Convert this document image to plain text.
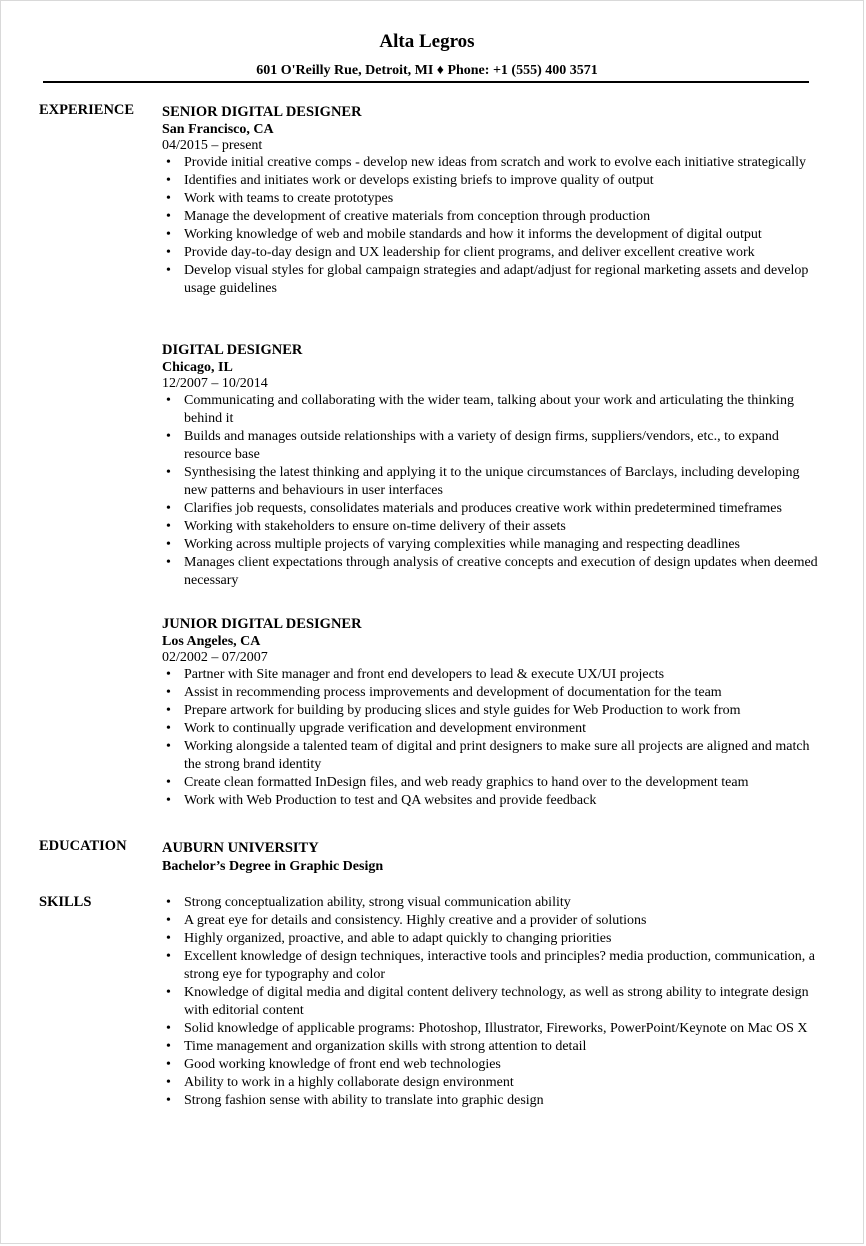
Alta Legros
601 O'Reilly Rue, Detroit, MI ♦ Phone: +1 (555) 400 3571
EXPERIENCE SENIOR DIGITAL DESIGNER
San Francisco, CA
04/2015 – present
• Provide initial creative comps - develop new ideas from scratch and work to evolve each initiative strategically
• Identifies and initiates work or develops existing briefs to improve quality of output
• Work with teams to create prototypes
• Manage the development of creative materials from conception through production
• Working knowledge of web and mobile standards and how it informs the development of digital output
• Provide day-to-day design and UX leadership for client programs, and deliver excellent creative work
• Develop visual styles for global campaign strategies and adapt/adjust for regional marketing assets and develop usage guidelines
DIGITAL DESIGNER
Chicago, IL
12/2007 – 10/2014
• Communicating and collaborating with the wider team, talking about your work and articulating the thinking behind it
• Builds and manages outside relationships with a variety of design firms, suppliers/vendors, etc., to expand resource base
• Synthesising the latest thinking and applying it to the unique circumstances of Barclays, including developing new patterns and behaviours in user interfaces
• Clarifies job requests, consolidates materials and produces creative work within predetermined timeframes
• Working with stakeholders to ensure on-time delivery of their assets
• Working across multiple projects of varying complexities while managing and respecting deadlines
• Manages client expectations through analysis of creative concepts and execution of design updates when deemed necessary
JUNIOR DIGITAL DESIGNER
Los Angeles, CA
02/2002 – 07/2007
• Partner with Site manager and front end developers to lead & execute UX/UI projects
• Assist in recommending process improvements and development of documentation for the team
• Prepare artwork for building by producing slices and style guides for Web Production to work from
• Work to continually upgrade verification and development environment
• Working alongside a talented team of digital and print designers to make sure all projects are aligned and match the strong brand identity
• Create clean formatted InDesign files, and web ready graphics to hand over to the development team
• Work with Web Production to test and QA websites and provide feedback
EDUCATION AUBURN UNIVERSITY
Bachelor’s Degree in Graphic Design
SKILLS
•	Strong conceptualization ability, strong visual communication ability
• A great eye for details and consistency. Highly creative and a provider of solutions
• Highly organized, proactive, and able to adapt quickly to changing priorities
• Excellent knowledge of design techniques, interactive tools and principles? media production, communication, a strong eye for typography and color
• Knowledge of digital media and digital content delivery technology, as well as strong ability to integrate design with editorial content
• Solid knowledge of applicable programs: Photoshop, Illustrator, Fireworks, PowerPoint/Keynote on Mac OS X
• Time management and organization skills with strong attention to detail
• Good working knowledge of front end web technologies
• Ability to work in a highly collaborate design environment
• Strong fashion sense with ability to translate into graphic design
